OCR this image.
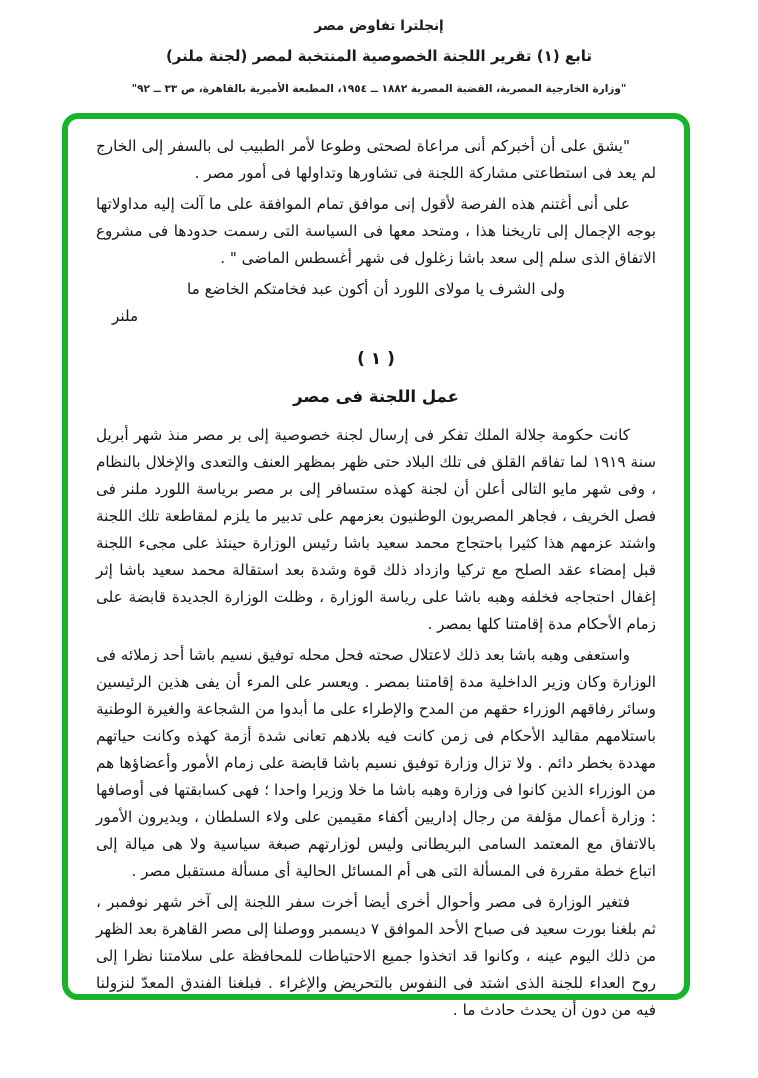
إنجلترا تفاوض مصر
تابع (١) تقرير اللجنة الخصوصية المنتخبة لمصر (لجنة ملنر)
"وزارة الخارجية المصرية، القضية المصرية ١٨٨٢ ــ ١٩٥٤، المطبعة الأميرية بالقاهرة، ص ٣٣ ــ ٩٢"

"يشق على أن أخبركم أنى مراعاة لصحتى وطوعا لأمر الطبيب لى بالسفر إلى الخارج لم يعد فى استطاعتى مشاركة اللجنة فى تشاورها وتداولها فى أمور مصر .

على أنى أغتنم هذه الفرصة لأقول إنى موافق تمام الموافقة على ما آلت إليه مداولاتها بوجه الإجمال إلى تاريخنا هذا ، ومتحد معها فى السياسة التى رسمت حدودها فى مشروع الاتفاق الذى سلم إلى سعد باشا زغلول فى شهر أغسطس الماضى " .

ولى الشرف يا مولاى اللورد أن أكون عبد فخامتكم الخاضع ما

ملنر

( ١ )
عمل اللجنة فى مصر

كانت حكومة جلالة الملك تفكر فى إرسال لجنة خصوصية إلى بر مصر منذ شهر أبريل سنة ١٩١٩ لما تفاقم القلق فى تلك البلاد حتى ظهر بمظهر العنف والتعدى والإخلال بالنظام ، وفى شهر مايو التالى أعلن أن لجنة كهذه ستسافر إلى بر مصر برياسة اللورد ملنر فى فصل الخريف ، فجاهر المصريون الوطنيون بعزمهم على تدبير ما يلزم لمقاطعة تلك اللجنة واشتد عزمهم هذا كثيرا باحتجاج محمد سعيد باشا رئيس الوزارة حينئذ على مجىء اللجنة قبل إمضاء عقد الصلح مع تركيا وازداد ذلك قوة وشدة بعد استقالة محمد سعيد باشا إثر إغفال احتجاجه فخلفه وهبه باشا على رياسة الوزارة ، وظلت الوزارة الجديدة قابضة على زمام الأحكام مدة إقامتنا كلها بمصر .

واستعفى وهبه باشا بعد ذلك لاعتلال صحته فحل محله توفيق نسيم باشا أحد زملائه فى الوزارة وكان وزير الداخلية مدة إقامتنا بمصر . ويعسر على المرء أن يفى هذين الرئيسين وسائر رفاقهم الوزراء حقهم من المدح والإطراء على ما أبدوا من الشجاعة والغيرة الوطنية باستلامهم مقاليد الأحكام فى زمن كانت فيه بلادهم تعانى شدة أزمة كهذه وكانت حياتهم مهددة بخطر دائم . ولا تزال وزارة توفيق نسيم باشا قابضة على زمام الأمور وأعضاؤها هم من الوزراء الذين كانوا فى وزارة وهبه باشا ما خلا وزيرا واحدا ؛ فهى كسابقتها فى أوصافها : وزارة أعمال مؤلفة من رجال إداريين أكفاء مقيمين على ولاء السلطان ، ويديرون الأمور بالاتفاق مع المعتمد السامى البريطانى وليس لوزارتهم صبغة سياسية ولا هى ميالة إلى اتباع خطة مقررة فى المسألة التى هى أم المسائل الحالية أى مسألة مستقبل مصر .

فتغير الوزارة فى مصر وأحوال أخرى أيضا أخرت سفر اللجنة إلى آخر شهر نوفمبر ، ثم بلغنا بورت سعيد فى صباح الأحد الموافق ٧ ديسمبر ووصلنا إلى مصر القاهرة بعد الظهر من ذلك اليوم عينه ، وكانوا قد اتخذوا جميع الاحتياطات للمحافظة على سلامتنا نظرا إلى روح العداء للجنة الذى اشتد فى النفوس بالتحريض والإغراء . فبلغنا الفندق المعدّ لنزولنا فيه من دون أن يحدث حادث ما .
